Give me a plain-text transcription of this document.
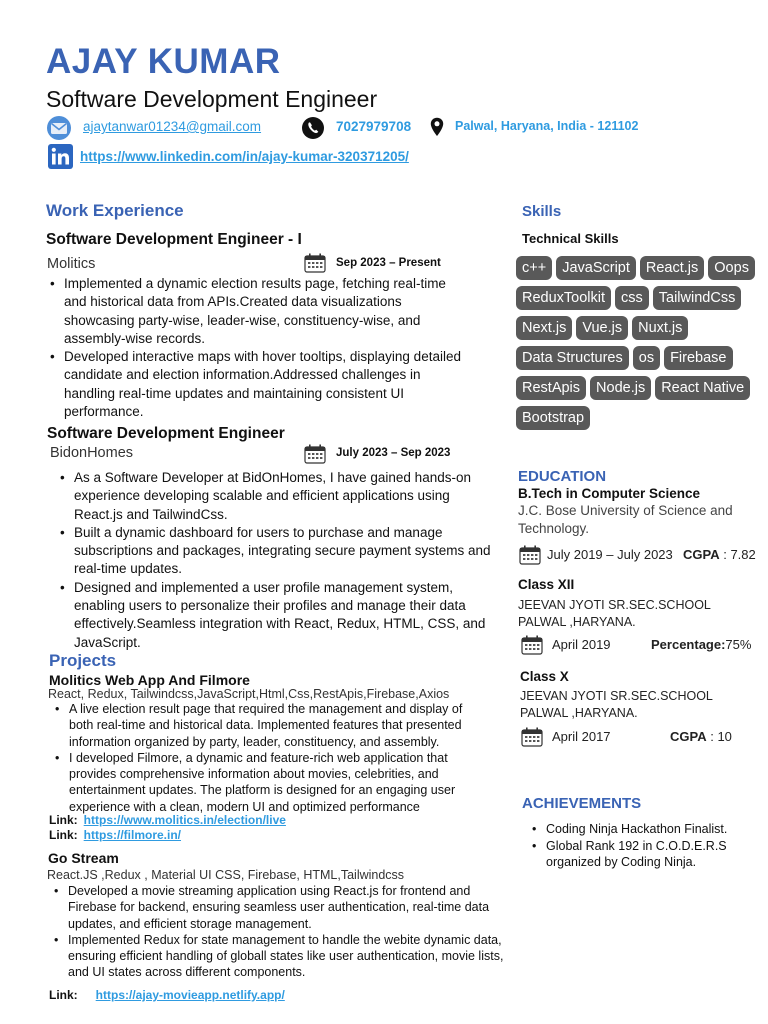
AJAY KUMAR
Software Development Engineer
ajaytanwar01234@gmail.com	7027979708	Palwal, Haryana, India - 121102
https://www.linkedin.com/in/ajay-kumar-320371205/
Work Experience
Software Development Engineer - I
Molitics	Sep 2023 – Present
• Implemented a dynamic election results page, fetching real-time and historical data from APIs.Created data visualizations showcasing party-wise, leader-wise, constituency-wise, and assembly-wise records.
• Developed interactive maps with hover tooltips, displaying detailed candidate and election information.Addressed challenges in handling real-time updates and maintaining consistent UI performance.
Software Development Engineer
BidonHomes	July 2023 – Sep 2023
• As a Software Developer at BidOnHomes, I have gained hands-on experience developing scalable and efficient applications using React.js and TailwindCss.
• Built a dynamic dashboard for users to purchase and manage subscriptions and packages, integrating secure payment systems and real-time updates.
• Designed and implemented a user profile management system, enabling users to personalize their profiles and manage their data effectively.Seamless integration with React, Redux, HTML, CSS, and JavaScript.
Projects
Molitics Web App And Filmore
React, Redux, Tailwindcss,JavaScript,Html,Css,RestApis,Firebase,Axios
• A live election result page that required the management and display of both real-time and historical data. Implemented features that presented information organized by party, leader, constituency, and assembly.
• I developed Filmore, a dynamic and feature-rich web application that provides comprehensive information about movies, celebrities, and entertainment updates. The platform is designed for an engaging user experience with a clean, modern UI and optimized performance
Link: https://www.molitics.in/election/live
Link: https://filmore.in/
Go Stream
React.JS ,Redux , Material UI CSS, Firebase, HTML,Tailwindcss
• Developed a movie streaming application using React.js for frontend and Firebase for backend, ensuring seamless user authentication, real-time data updates, and efficient storage management.
• Implemented Redux for state management to handle the webite dynamic data, ensuring efficient handling of globall states like user authentication, movie lists, and UI states across different components.
Link: https://ajay-movieapp.netlify.app/
Skills
Technical Skills
c++	JavaScript	React.js	Oops
ReduxToolkit	css	TailwindCss
Next.js	Vue.js	Nuxt.js
Data Structures	os	Firebase
RestApis	Node.js	React Native
Bootstrap
EDUCATION
B.Tech in Computer Science
J.C. Bose University of Science and Technology.
July 2019 – July 2023 CGPA : 7.82
Class XII
JEEVAN JYOTI SR.SEC.SCHOOL PALWAL ,HARYANA.
April 2019	Percentage:75%
Class X
JEEVAN JYOTI SR.SEC.SCHOOL PALWAL ,HARYANA.
April 2017	CGPA : 10
ACHIEVEMENTS
• Coding Ninja Hackathon Finalist.
• Global Rank 192 in C.O.D.E.R.S organized by Coding Ninja.
